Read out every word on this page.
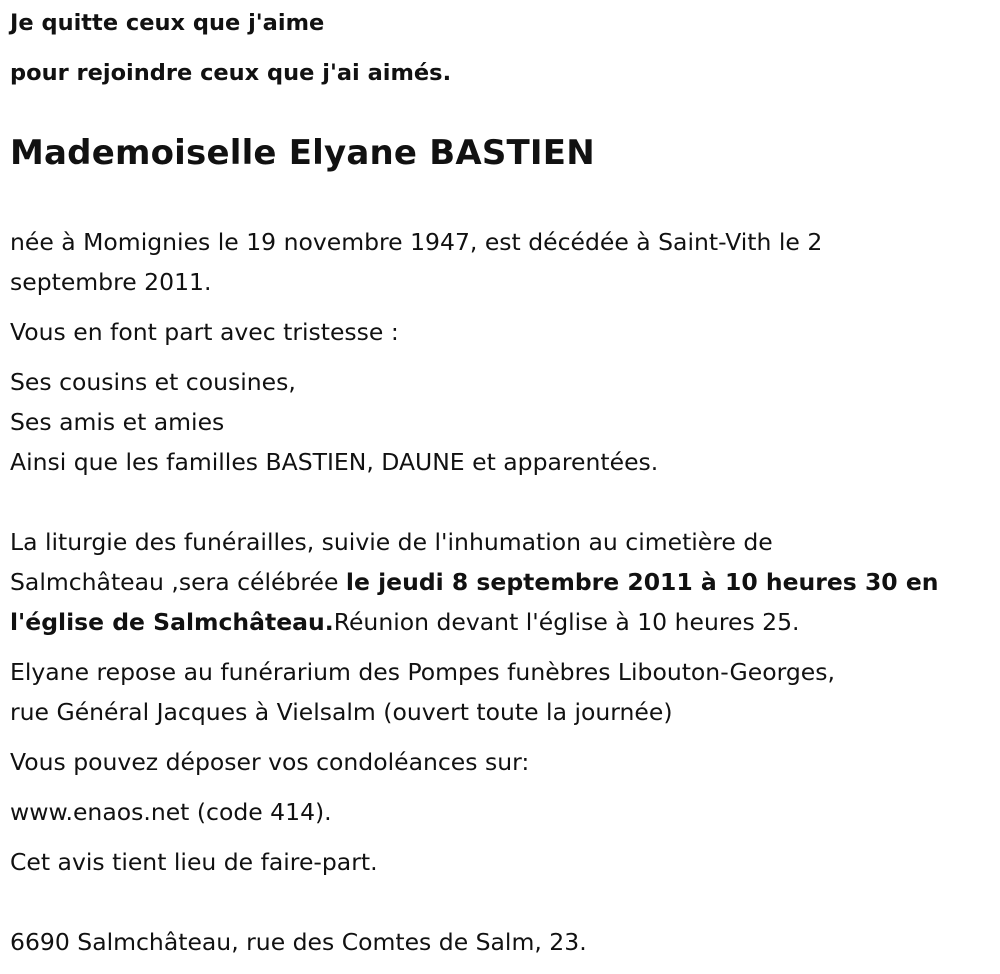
Je quitte ceux que j'aime

pour rejoindre ceux que j'ai aimés.

Mademoiselle Elyane BASTIEN

née à Momignies le 19 novembre 1947, est décédée à Saint-Vith le 2

septembre 2011.

Vous en font part avec tristesse :

Ses cousins et cousines,

Ses amis et amies

Ainsi que les familles BASTIEN, DAUNE et apparentées.

La liturgie des funérailles, suivie de l'inhumation au cimetière de

Salmchâteau ,sera célébrée le jeudi 8 septembre 2011 à 10 heures 30 en

l'église de Salmchâteau.Réunion devant l'église à 10 heures 25.

Elyane repose au funérarium des Pompes funèbres Libouton-Georges,

rue Général Jacques à Vielsalm (ouvert toute la journée)

Vous pouvez déposer vos condoléances sur:

www.enaos.net (code 414).

Cet avis tient lieu de faire-part.

6690 Salmchâteau, rue des Comtes de Salm, 23.
